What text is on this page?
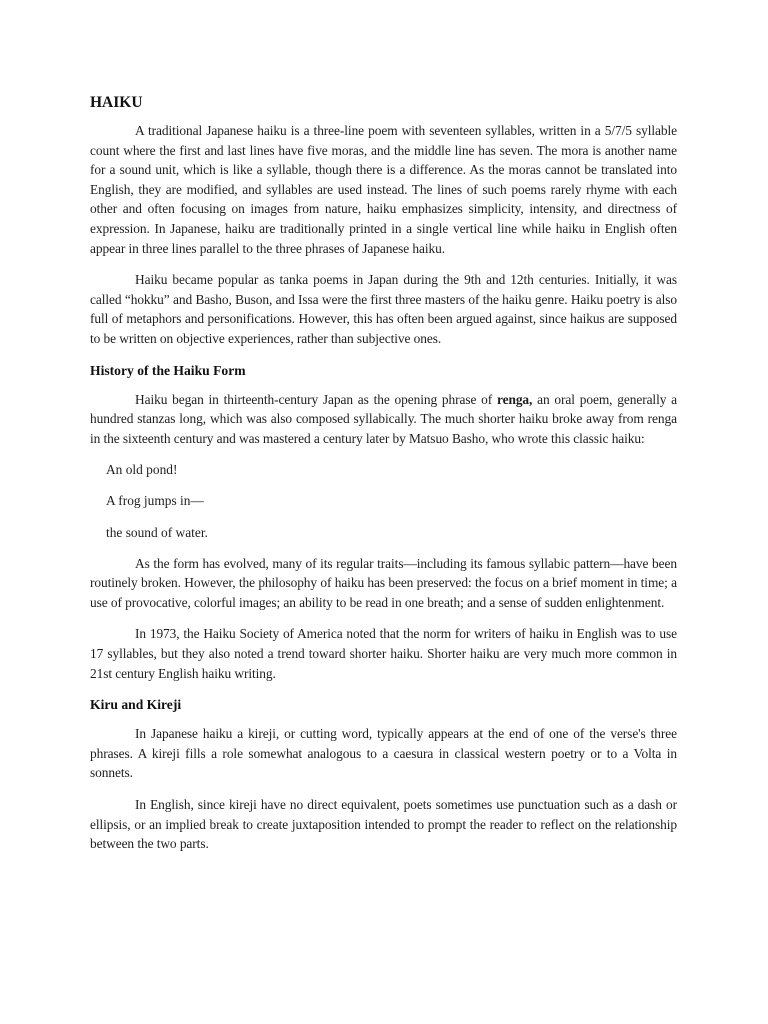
HAIKU

A traditional Japanese haiku is a three-line poem with seventeen syllables, written in a 5/7/5 syllable count where the first and last lines have five moras, and the middle line has seven. The mora is another name for a sound unit, which is like a syllable, though there is a difference. As the moras cannot be translated into English, they are modified, and syllables are used instead. The lines of such poems rarely rhyme with each other and often focusing on images from nature, haiku emphasizes simplicity, intensity, and directness of expression. In Japanese, haiku are traditionally printed in a single vertical line while haiku in English often appear in three lines parallel to the three phrases of Japanese haiku.

Haiku became popular as tanka poems in Japan during the 9th and 12th centuries. Initially, it was called “hokku” and Basho, Buson, and Issa were the first three masters of the haiku genre. Haiku poetry is also full of metaphors and personifications. However, this has often been argued against, since haikus are supposed to be written on objective experiences, rather than subjective ones.

History of the Haiku Form

Haiku began in thirteenth-century Japan as the opening phrase of renga, an oral poem, generally a hundred stanzas long, which was also composed syllabically. The much shorter haiku broke away from renga in the sixteenth century and was mastered a century later by Matsuo Basho, who wrote this classic haiku:

An old pond!
A frog jumps in—
the sound of water.

As the form has evolved, many of its regular traits—including its famous syllabic pattern—have been routinely broken. However, the philosophy of haiku has been preserved: the focus on a brief moment in time; a use of provocative, colorful images; an ability to be read in one breath; and a sense of sudden enlightenment.

In 1973, the Haiku Society of America noted that the norm for writers of haiku in English was to use 17 syllables, but they also noted a trend toward shorter haiku. Shorter haiku are very much more common in 21st century English haiku writing.

Kiru and Kireji

In Japanese haiku a kireji, or cutting word, typically appears at the end of one of the verse's three phrases. A kireji fills a role somewhat analogous to a caesura in classical western poetry or to a Volta in sonnets.

In English, since kireji have no direct equivalent, poets sometimes use punctuation such as a dash or ellipsis, or an implied break to create juxtaposition intended to prompt the reader to reflect on the relationship between the two parts.
